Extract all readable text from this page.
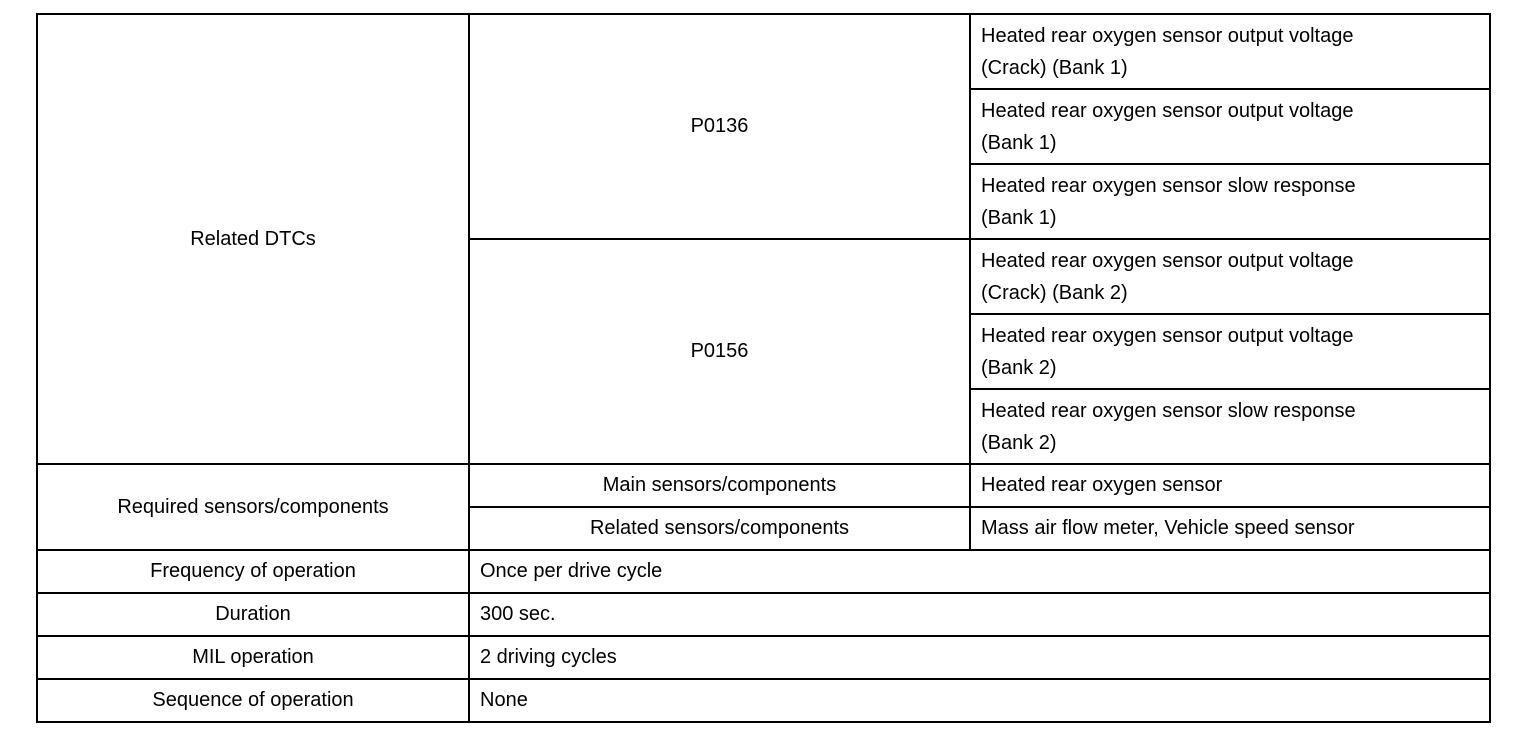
Related DTCs	P0136	Heated rear oxygen sensor output voltage
(Crack) (Bank 1)

		Heated rear oxygen sensor output voltage
(Bank 1)

		Heated rear oxygen sensor slow response
(Bank 1)

	P0156	Heated rear oxygen sensor output voltage
(Crack) (Bank 2)

		Heated rear oxygen sensor output voltage
(Bank 2)

		Heated rear oxygen sensor slow response
(Bank 2)

Required sensors/components	Main sensors/components	Heated rear oxygen sensor
	Related sensors/components	Mass air flow meter, Vehicle speed sensor
Frequency of operation	Once per drive cycle	
Duration	300 sec.	
MIL operation	2 driving cycles	
Sequence of operation	None	
